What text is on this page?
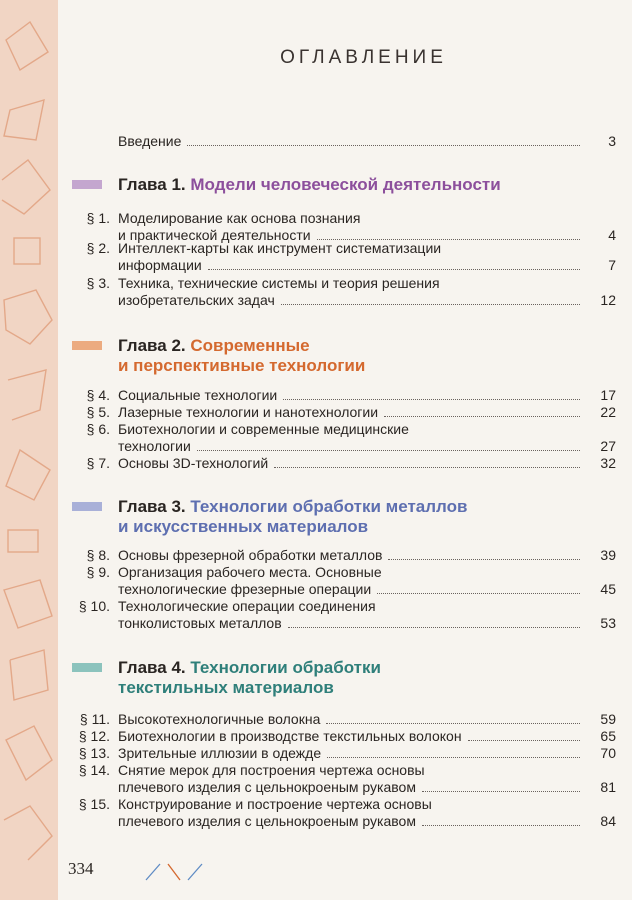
ОГЛАВЛЕНИЕ
Введение	3
Глава 1. Модели человеческой деятельности
§ 1. Моделирование как основа познания
и практической деятельности	4
§ 2. Интеллект-карты как инструмент систематизации
информации	7
§ 3. Техника, технические системы и теория решения
изобретательских задач	12
Глава 2. Современные
и перспективные технологии
§ 4. Социальные технологии	17
§ 5. Лазерные технологии и нанотехнологии	22
§ 6. Биотехнологии и современные медицинские
технологии	27
§ 7. Основы 3D-технологий	32
Глава 3. Технологии обработки металлов
и искусственных материалов
§ 8. Основы фрезерной обработки металлов	39
§ 9. Организация рабочего места. Основные
технологические фрезерные операции	45
§ 10. Технологические операции соединения
тонколистовых металлов	53
Глава 4. Технологии обработки
текстильных материалов
§ 11. Высокотехнологичные волокна	59
§ 12. Биотехнологии в производстве текстильных волокон	65
§ 13. Зрительные иллюзии в одежде	70
§ 14. Снятие мерок для построения чертежа основы
плечевого изделия с цельнокроеным рукавом	81
§ 15. Конструирование и построение чертежа основы
плечевого изделия с цельнокроеным рукавом	84
334
